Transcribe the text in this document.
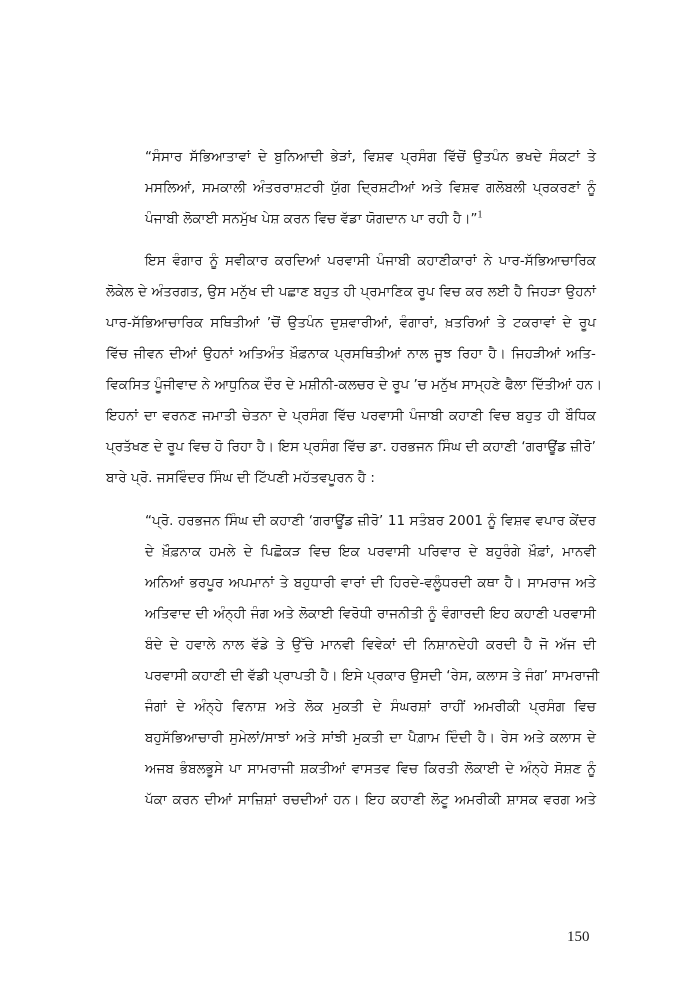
“ਸੰਸਾਰ ਸੱਭਿਆਤਾਵਾਂ ਦੇ ਬੁਨਿਆਦੀ ਭੇੜਾਂ, ਵਿਸ਼ਵ ਪ੍ਰਸੰਗ ਵਿੱਚੋਂ ਉਤਪੰਨ ਭਖਦੇ ਸੰਕਟਾਂ ਤੇ
ਮਸਲਿਆਂ, ਸਮਕਾਲੀ ਅੰਤਰਰਾਸ਼ਟਰੀ ਯੁੱਗ ਦ੍ਰਿਸ਼ਟੀਆਂ ਅਤੇ ਵਿਸ਼ਵ ਗਲੋਬਲੀ ਪ੍ਰਕਰਣਾਂ ਨੂੰ
ਪੰਜਾਬੀ ਲੋਕਾਈ ਸਨਮੁੱਖ ਪੇਸ਼ ਕਰਨ ਵਿਚ ਵੱਡਾ ਯੋਗਦਾਨ ਪਾ ਰਹੀ ਹੈ।”$^1$
ਇਸ ਵੰਗਾਰ ਨੂੰ ਸਵੀਕਾਰ ਕਰਦਿਆਂ ਪਰਵਾਸੀ ਪੰਜਾਬੀ ਕਹਾਣੀਕਾਰਾਂ ਨੇ ਪਾਰ-ਸੱਭਿਆਚਾਰਿਕ
ਲੋਕੇਲ ਦੇ ਅੰਤਰਗਤ, ਉਸ ਮਨੁੱਖ ਦੀ ਪਛਾਣ ਬਹੁਤ ਹੀ ਪ੍ਰਮਾਣਿਕ ਰੂਪ ਵਿਚ ਕਰ ਲਈ ਹੈ ਜਿਹੜਾ ਉਹਨਾਂ
ਪਾਰ-ਸੱਭਿਆਚਾਰਿਕ ਸਥਿਤੀਆਂ ’ਚੋਂ ਉਤਪੰਨ ਦੁਸ਼ਵਾਰੀਆਂ, ਵੰਗਾਰਾਂ, ਖ਼ਤਰਿਆਂ ਤੇ ਟਕਰਾਵਾਂ ਦੇ ਰੂਪ
ਵਿੱਚ ਜੀਵਨ ਦੀਆਂ ਉਹਨਾਂ ਅਤਿਅੰਤ ਖ਼ੌਫ਼ਨਾਕ ਪ੍ਰਸਥਿਤੀਆਂ ਨਾਲ ਜੂਝ ਰਿਹਾ ਹੈ। ਜਿਹੜੀਆਂ ਅਤਿ-
ਵਿਕਸਿਤ ਪੂੰਜੀਵਾਦ ਨੇ ਆਧੁਨਿਕ ਦੌਰ ਦੇ ਮਸ਼ੀਨੀ-ਕਲਚਰ ਦੇ ਰੂਪ ’ਚ ਮਨੁੱਖ ਸਾਮ੍ਹਣੇ ਫੈਲਾ ਦਿੱਤੀਆਂ ਹਨ।
ਇਹਨਾਂ ਦਾ ਵਰਨਣ ਜਮਾਤੀ ਚੇਤਨਾ ਦੇ ਪ੍ਰਸੰਗ ਵਿੱਚ ਪਰਵਾਸੀ ਪੰਜਾਬੀ ਕਹਾਣੀ ਵਿਚ ਬਹੁਤ ਹੀ ਬੌਧਿਕ
ਪ੍ਰਤੱਖਣ ਦੇ ਰੂਪ ਵਿਚ ਹੋ ਰਿਹਾ ਹੈ। ਇਸ ਪ੍ਰਸੰਗ ਵਿੱਚ ਡਾ. ਹਰਭਜਨ ਸਿੰਘ ਦੀ ਕਹਾਣੀ ‘ਗਰਾਊਂਡ ਜ਼ੀਰੋ’
ਬਾਰੇ ਪ੍ਰੋ. ਜਸਵਿੰਦਰ ਸਿੰਘ ਦੀ ਟਿੱਪਣੀ ਮਹੱਤਵਪੂਰਨ ਹੈ :
“ਪ੍ਰੋ. ਹਰਭਜਨ ਸਿੰਘ ਦੀ ਕਹਾਣੀ ‘ਗਰਾਊਂਡ ਜ਼ੀਰੋ’ 11 ਸਤੰਬਰ 2001 ਨੂੰ ਵਿਸ਼ਵ ਵਪਾਰ ਕੇਂਦਰ
ਦੇ ਖ਼ੌਫ਼ਨਾਕ ਹਮਲੇ ਦੇ ਪਿਛੋਕੜ ਵਿਚ ਇਕ ਪਰਵਾਸੀ ਪਰਿਵਾਰ ਦੇ ਬਹੁਰੰਗੇ ਖ਼ੌਫ਼ਾਂ, ਮਾਨਵੀ
ਅਨਿਆਂ ਭਰਪੂਰ ਅਪਮਾਨਾਂ ਤੇ ਬਹੁਧਾਰੀ ਵਾਰਾਂ ਦੀ ਹਿਰਦੇ-ਵਲੂੰਧਰਦੀ ਕਥਾ ਹੈ। ਸਾਮਰਾਜ ਅਤੇ
ਅਤਿਵਾਦ ਦੀ ਅੰਨ੍ਹੀ ਜੰਗ ਅਤੇ ਲੋਕਾਈ ਵਿਰੋਧੀ ਰਾਜਨੀਤੀ ਨੂੰ ਵੰਗਾਰਦੀ ਇਹ ਕਹਾਣੀ ਪਰਵਾਸੀ
ਬੰਦੇ ਦੇ ਹਵਾਲੇ ਨਾਲ ਵੱਡੇ ਤੇ ਉੱਚੇ ਮਾਨਵੀ ਵਿਵੇਕਾਂ ਦੀ ਨਿਸ਼ਾਨਦੇਹੀ ਕਰਦੀ ਹੈ ਜੋ ਅੱਜ ਦੀ
ਪਰਵਾਸੀ ਕਹਾਣੀ ਦੀ ਵੱਡੀ ਪ੍ਰਾਪਤੀ ਹੈ। ਇਸੇ ਪ੍ਰਕਾਰ ਉਸਦੀ ‘ਰੇਸ, ਕਲਾਸ ਤੇ ਜੰਗ’ ਸਾਮਰਾਜੀ
ਜੰਗਾਂ ਦੇ ਅੰਨ੍ਹੇ ਵਿਨਾਸ਼ ਅਤੇ ਲੋਕ ਮੁਕਤੀ ਦੇ ਸੰਘਰਸ਼ਾਂ ਰਾਹੀਂ ਅਮਰੀਕੀ ਪ੍ਰਸੰਗ ਵਿਚ
ਬਹੁਸੱਭਿਆਚਾਰੀ ਸੁਮੇਲਾਂ/ਸਾਝਾਂ ਅਤੇ ਸਾਂਝੀ ਮੁਕਤੀ ਦਾ ਪੈਗ਼ਾਮ ਦਿੰਦੀ ਹੈ। ਰੇਸ ਅਤੇ ਕਲਾਸ ਦੇ
ਅਜਬ ਭੰਬਲਭੂਸੇ ਪਾ ਸਾਮਰਾਜੀ ਸ਼ਕਤੀਆਂ ਵਾਸਤਵ ਵਿਚ ਕਿਰਤੀ ਲੋਕਾਈ ਦੇ ਅੰਨ੍ਹੇ ਸੋਸ਼ਣ ਨੂੰ
ਪੱਕਾ ਕਰਨ ਦੀਆਂ ਸਾਜ਼ਿਸ਼ਾਂ ਰਚਦੀਆਂ ਹਨ। ਇਹ ਕਹਾਣੀ ਲੋਟੂ ਅਮਰੀਕੀ ਸ਼ਾਸਕ ਵਰਗ ਅਤੇ
150
